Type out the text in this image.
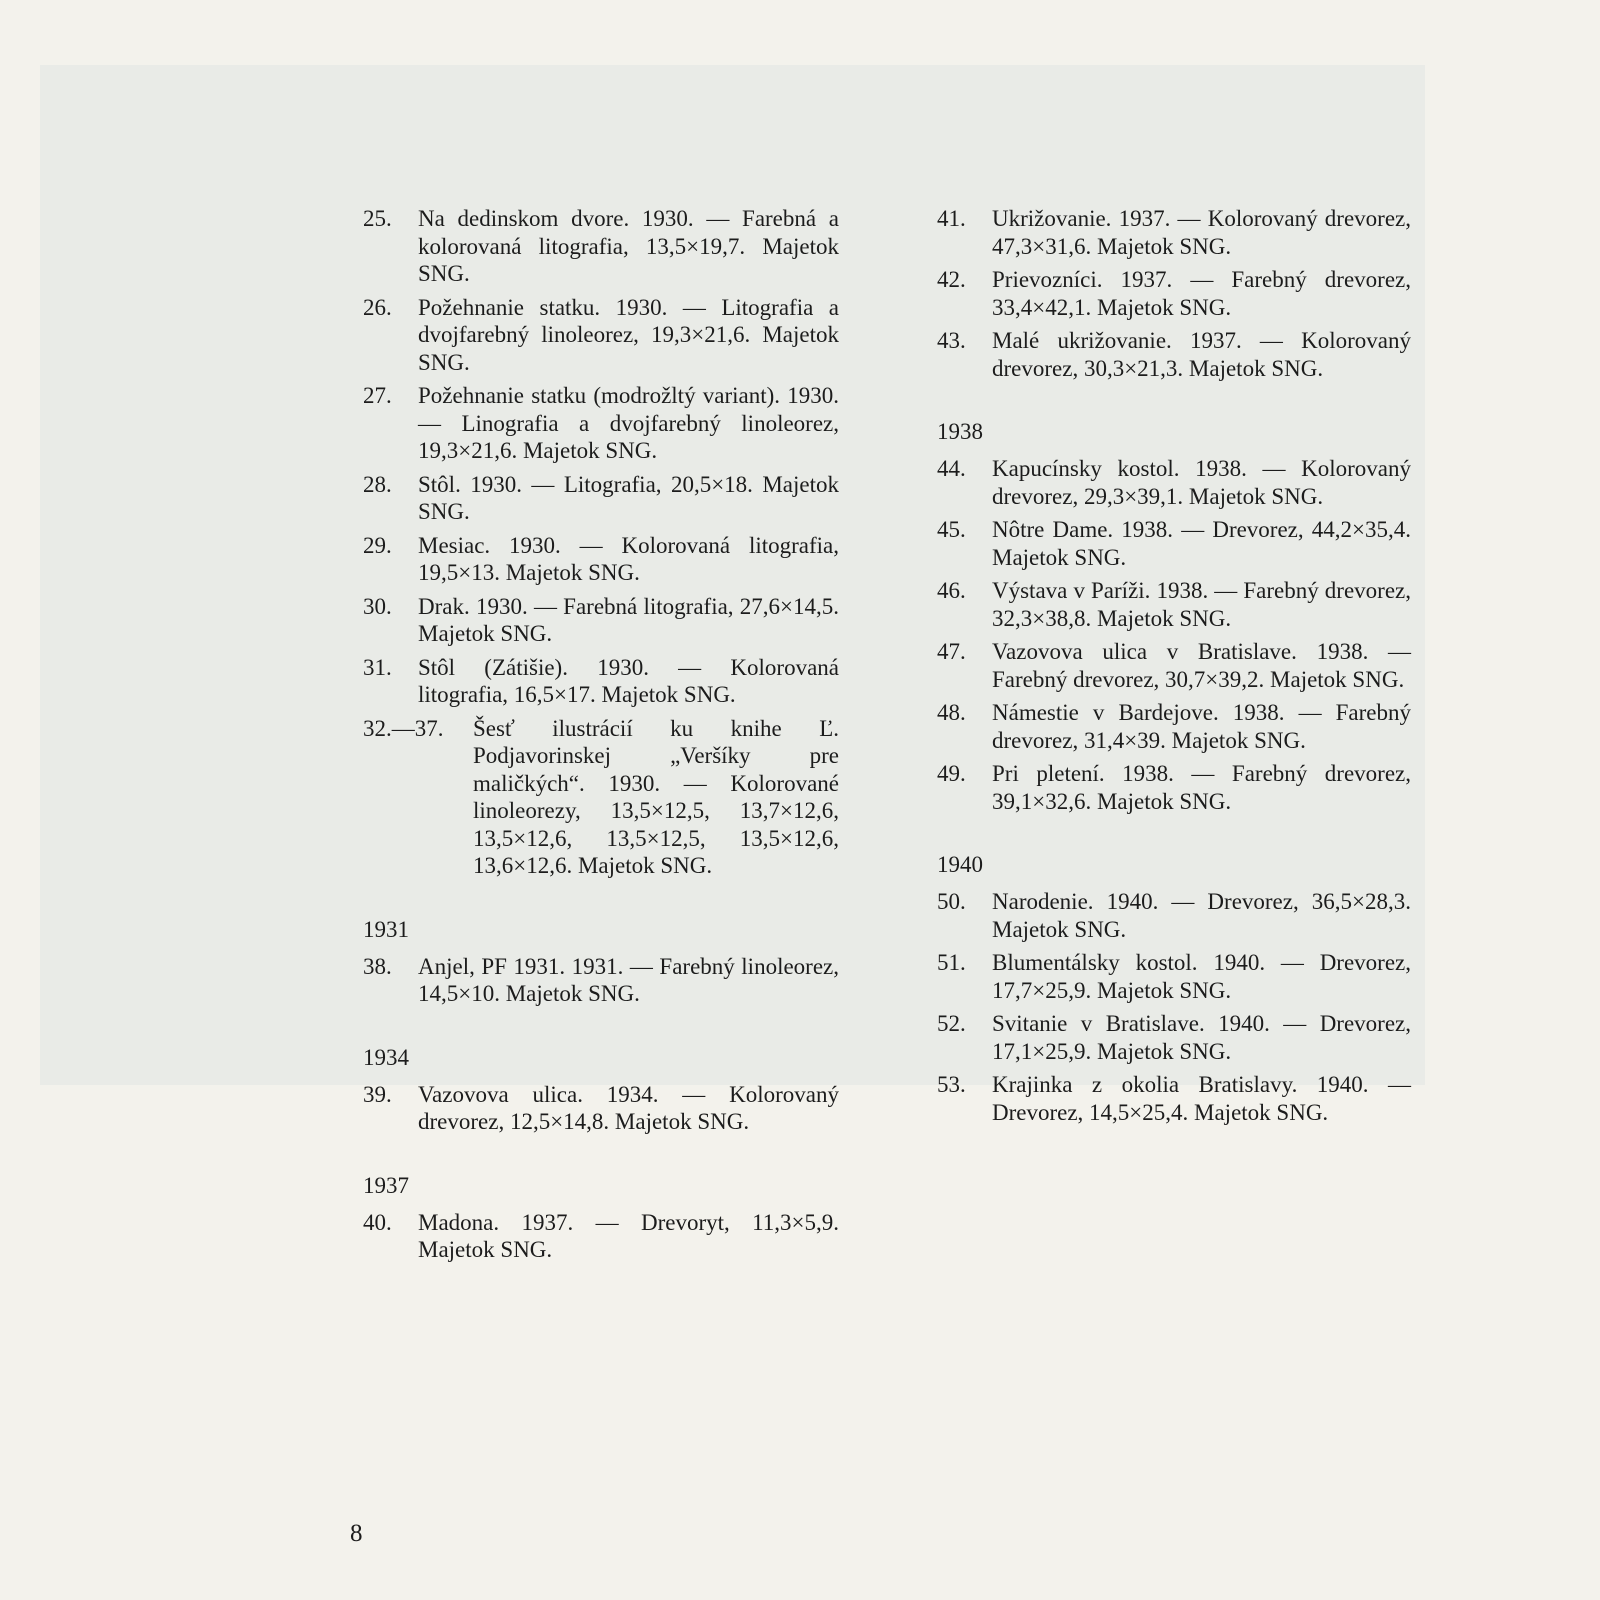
25. Na dedinskom dvore. 1930. — Farebná a kolorovaná litografia, 13,5×19,7. Majetok SNG.
26. Požehnanie statku. 1930. — Litografia a dvojfarebný linoleorez, 19,3×21,6. Majetok SNG.
27. Požehnanie statku (modrožltý variant). 1930. — Linografia a dvojfarebný linoleorez, 19,3×21,6. Majetok SNG.
28. Stôl. 1930. — Litografia, 20,5×18. Majetok SNG.
29. Mesiac. 1930. — Kolorovaná litografia, 19,5×13. Majetok SNG.
30. Drak. 1930. — Farebná litografia, 27,6×14,5. Majetok SNG.
31. Stôl (Zátišie). 1930. — Kolorovaná litografia, 16,5×17. Majetok SNG.
32.—37. Šesť ilustrácií ku knihe Ľ. Podjavorinskej „Veršíky pre maličkých“. 1930. — Kolorované linoleorezy, 13,5×12,5, 13,7×12,6, 13,5×12,6, 13,5×12,5, 13,5×12,6, 13,6×12,6. Majetok SNG.
1931
38. Anjel, PF 1931. 1931. — Farebný linoleorez, 14,5×10. Majetok SNG.
1934
39. Vazovova ulica. 1934. — Kolorovaný drevorez, 12,5×14,8. Majetok SNG.
1937
40. Madona. 1937. — Drevoryt, 11,3×5,9. Majetok SNG.
41. Ukrižovanie. 1937. — Kolorovaný drevorez, 47,3×31,6. Majetok SNG.
42. Prievozníci. 1937. — Farebný drevorez, 33,4×42,1. Majetok SNG.
43. Malé ukrižovanie. 1937. — Kolorovaný drevorez, 30,3×21,3. Majetok SNG.
1938
44. Kapucínsky kostol. 1938. — Kolorovaný drevorez, 29,3×39,1. Majetok SNG.
45. Nôtre Dame. 1938. — Drevorez, 44,2×35,4. Majetok SNG.
46. Výstava v Paríži. 1938. — Farebný drevorez, 32,3×38,8. Majetok SNG.
47. Vazovova ulica v Bratislave. 1938. — Farebný drevorez, 30,7×39,2. Majetok SNG.
48. Námestie v Bardejove. 1938. — Farebný drevorez, 31,4×39. Majetok SNG.
49. Pri pletení. 1938. — Farebný drevorez, 39,1×32,6. Majetok SNG.
1940
50. Narodenie. 1940. — Drevorez, 36,5×28,3. Majetok SNG.
51. Blumentálsky kostol. 1940. — Drevorez, 17,7×25,9. Majetok SNG.
52. Svitanie v Bratislave. 1940. — Drevorez, 17,1×25,9. Majetok SNG.
53. Krajinka z okolia Bratislavy. 1940. — Drevorez, 14,5×25,4. Majetok SNG.
8
